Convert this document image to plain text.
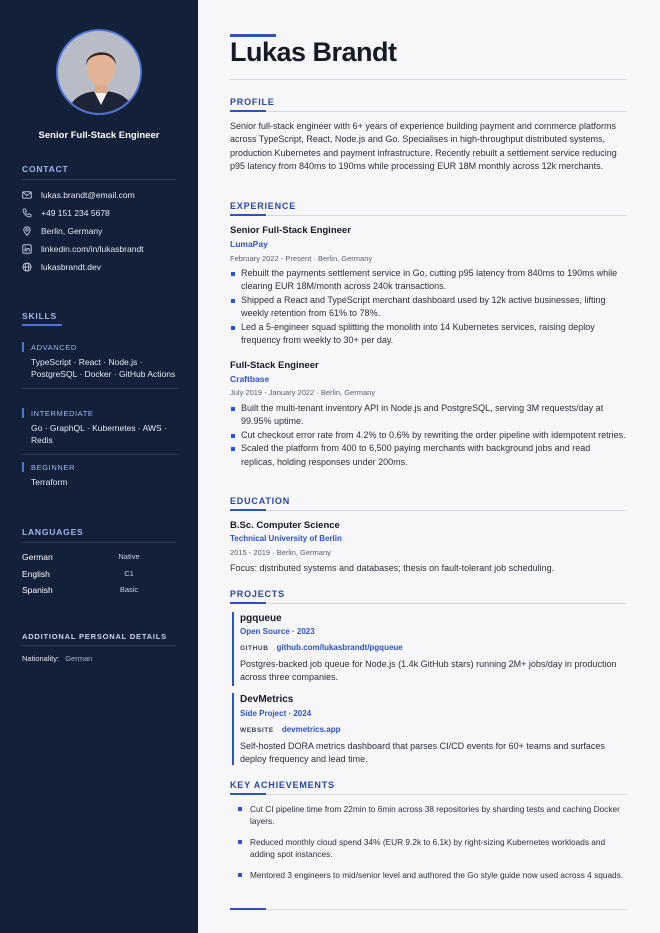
Senior Full-Stack Engineer
CONTACT
lukas.brandt@email.com
+49 151 234 5678
Berlin, Germany
linkedin.com/in/lukasbrandt
lukasbrandt.dev
SKILLS
ADVANCED
TypeScript · React · Node.js · PostgreSQL · Docker · GitHub Actions
INTERMEDIATE
Go · GraphQL · Kubernetes · AWS · Redis
BEGINNER
Terraform
LANGUAGES
German	Native
English	C1
Spanish	Basic
ADDITIONAL PERSONAL DETAILS
Nationality: German
Lukas Brandt
PROFILE
Senior full-stack engineer with 6+ years of experience building payment and commerce platforms across TypeScript, React, Node.js and Go. Specialises in high-throughput distributed systems, production Kubernetes and payment infrastructure. Recently rebuilt a settlement service reducing p95 latency from 840ms to 190ms while processing EUR 18M monthly across 12k merchants.
EXPERIENCE
Senior Full-Stack Engineer
LumaPay
February 2022 - Present · Berlin, Germany
Rebuilt the payments settlement service in Go, cutting p95 latency from 840ms to 190ms while clearing EUR 18M/month across 240k transactions.
Shipped a React and TypeScript merchant dashboard used by 12k active businesses, lifting weekly retention from 61% to 78%.
Led a 5-engineer squad splitting the monolith into 14 Kubernetes services, raising deploy frequency from weekly to 30+ per day.
Full-Stack Engineer
Craftbase
July 2019 - January 2022 · Berlin, Germany
Built the multi-tenant inventory API in Node.js and PostgreSQL, serving 3M requests/day at 99.95% uptime.
Cut checkout error rate from 4.2% to 0.6% by rewriting the order pipeline with idempotent retries.
Scaled the platform from 400 to 6,500 paying merchants with background jobs and read replicas, holding responses under 200ms.
EDUCATION
B.Sc. Computer Science
Technical University of Berlin
2015 - 2019 · Berlin, Germany
Focus: distributed systems and databases; thesis on fault-tolerant job scheduling.
PROJECTS
pgqueue
Open Source · 2023
GITHUB github.com/lukasbrandt/pgqueue
Postgres-backed job queue for Node.js (1.4k GitHub stars) running 2M+ jobs/day in production across three companies.
DevMetrics
Side Project · 2024
WEBSITE devmetrics.app
Self-hosted DORA metrics dashboard that parses CI/CD events for 60+ teams and surfaces deploy frequency and lead time.
KEY ACHIEVEMENTS
Cut CI pipeline time from 22min to 6min across 38 repositories by sharding tests and caching Docker layers.
Reduced monthly cloud spend 34% (EUR 9.2k to 6.1k) by right-sizing Kubernetes workloads and adding spot instances.
Mentored 3 engineers to mid/senior level and authored the Go style guide now used across 4 squads.
